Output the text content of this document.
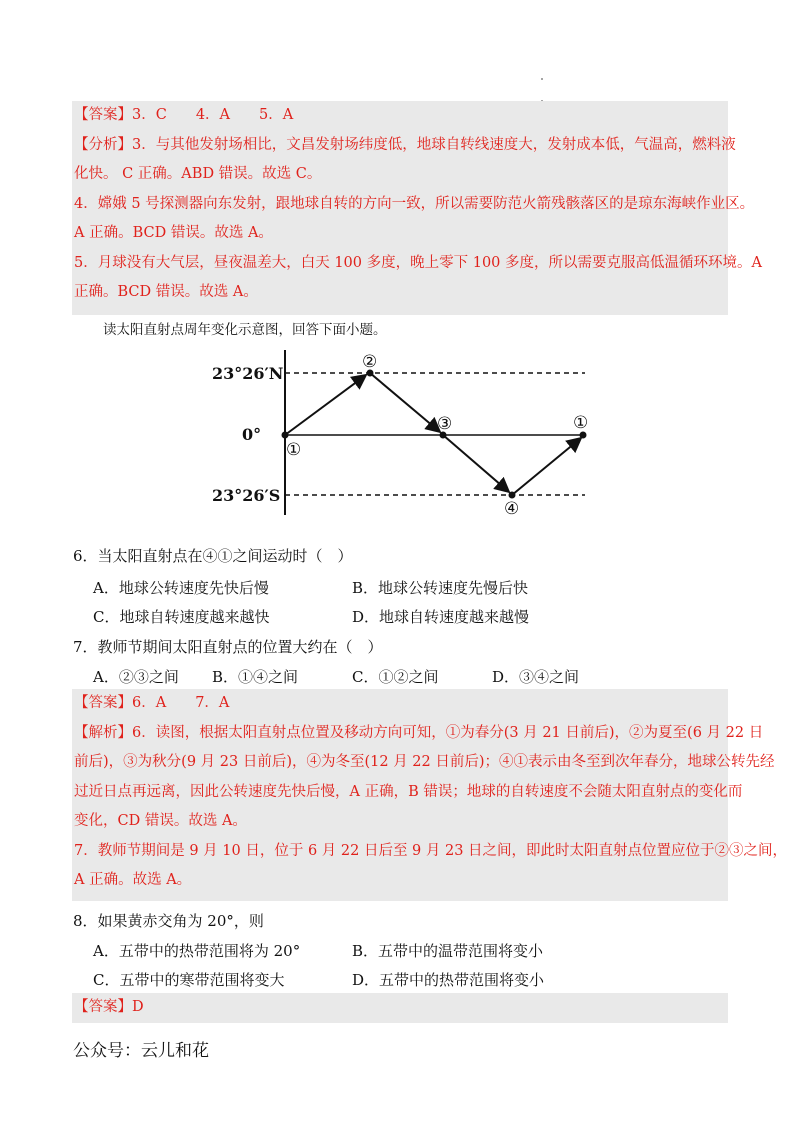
【答案】3．C　　4．A　　5．A
【分析】3．与其他发射场相比，文昌发射场纬度低，地球自转线速度大，发射成本低，气温高，燃料液
化快。 C 正确。ABD 错误。故选 C。
4．嫦娥 5 号探测器向东发射，跟地球自转的方向一致，所以需要防范火箭残骸落区的是琼东海峡作业区。
A 正确。BCD 错误。故选 A。
5．月球没有大气层，昼夜温差大，白天 100 多度，晚上零下 100 多度，所以需要克服高低温循环环境。A
正确。BCD 错误。故选 A。
读太阳直射点周年变化示意图，回答下面小题。
23°26′N
0°
23°26′S
①
②
③
④
①
6．当太阳直射点在④①之间运动时（　）
A．地球公转速度先快后慢	B．地球公转速度先慢后快
C．地球自转速度越来越快	D．地球自转速度越来越慢
7．教师节期间太阳直射点的位置大约在（　）
A．②③之间 B．①④之间	C．①②之间	D．③④之间
【答案】6．A　　7．A
【解析】6．读图，根据太阳直射点位置及移动方向可知，①为春分(3 月 21 日前后)，②为夏至(6 月 22 日
前后)，③为秋分(9 月 23 日前后)，④为冬至(12 月 22 日前后)；④①表示由冬至到次年春分，地球公转先经
过近日点再远离，因此公转速度先快后慢，A 正确，B 错误；地球的自转速度不会随太阳直射点的变化而
变化，CD 错误。故选 A。
7．教师节期间是 9 月 10 日，位于 6 月 22 日后至 9 月 23 日之间，即此时太阳直射点位置应位于②③之间，
A 正确。故选 A。
8．如果黄赤交角为 20°，则
A．五带中的热带范围将为 20°	B．五带中的温带范围将变小
C．五带中的寒带范围将变大	D．五带中的热带范围将变小
【答案】D
公众号：云儿和花
